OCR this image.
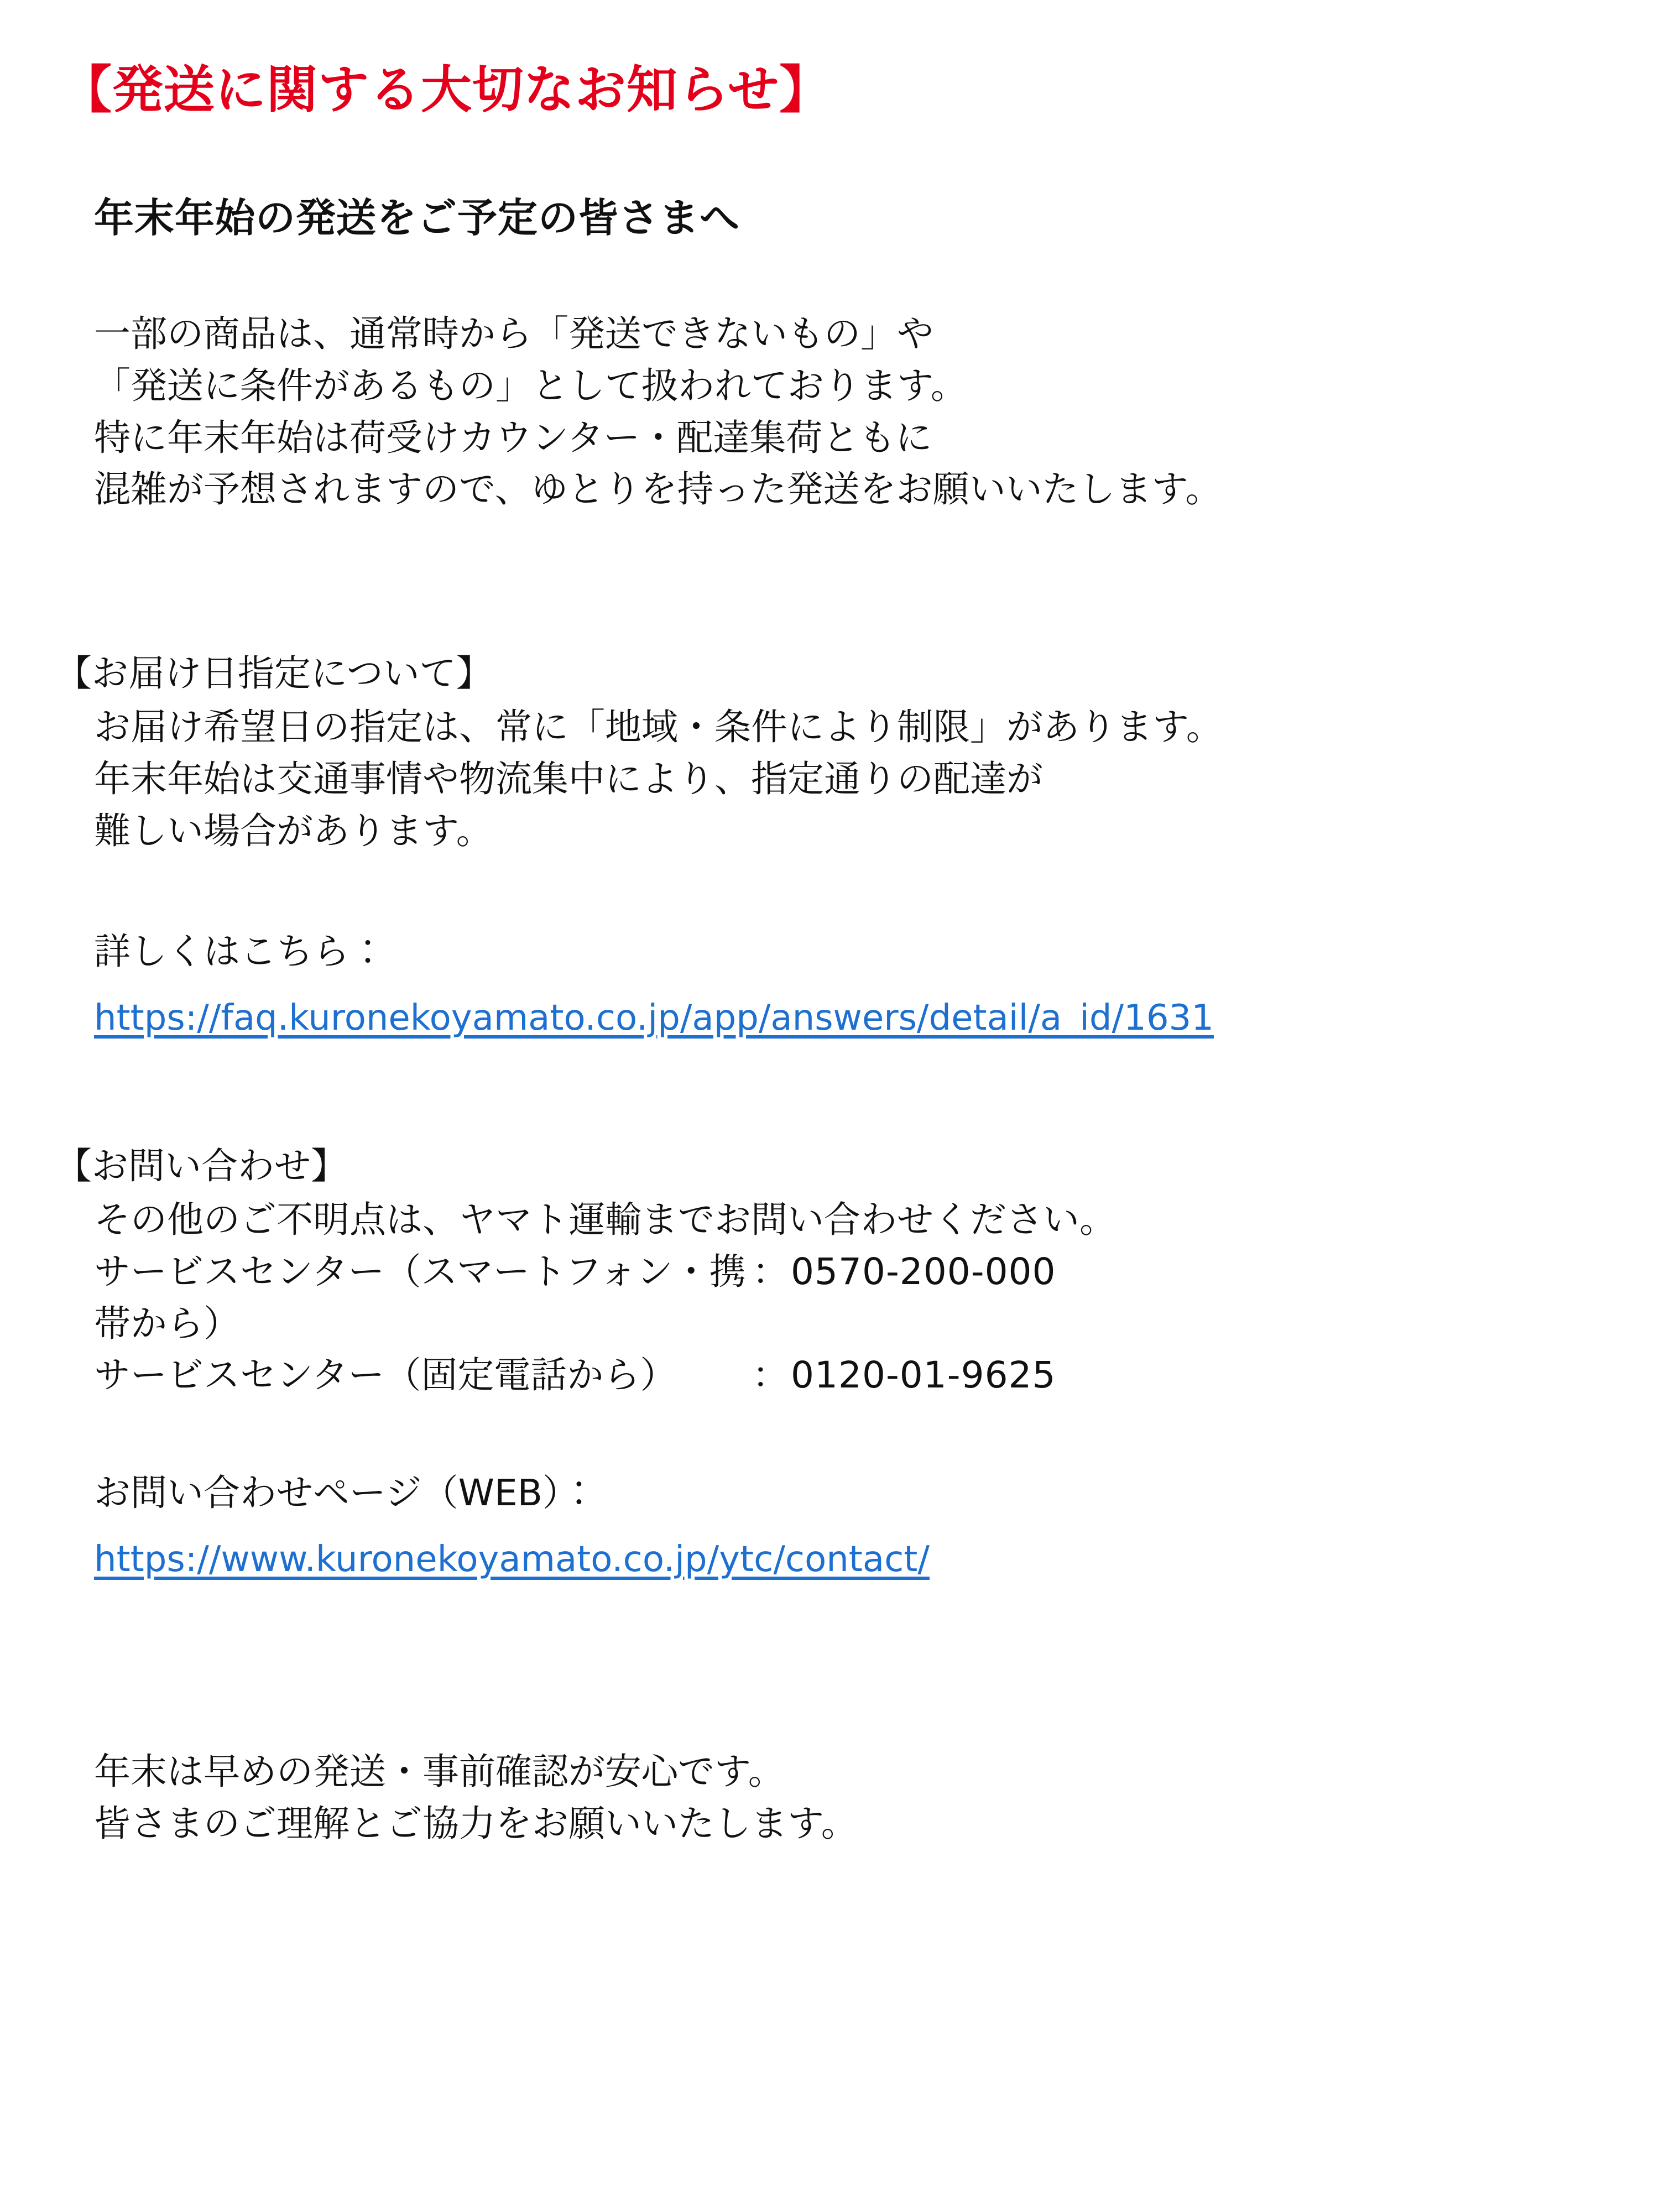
【発送に関する大切なお知らせ】
年末年始の発送をご予定の皆さまへ

一部の商品は、通常時から「発送できないもの」や

「発送に条件があるもの」として扱われております。

特に年末年始は荷受けカウンター・配達集荷ともに

混雑が予想されますので、ゆとりを持った発送をお願いいたします。

【お届け日指定について】

お届け希望日の指定は、常に「地域・条件により制限」があります。

年末年始は交通事情や物流集中により、指定通りの配達が

難しい場合があります。

詳しくはこちら：

https://faq.kuronekoyamato.co.jp/app/answers/detail/a_id/1631

【お問い合わせ】

その他のご不明点は、ヤマト運輸までお問い合わせください。

サービスセンター（スマートフォン・携帯から）
： 0570-200-000
サービスセンター（固定電話から）	： 0120-01-9625

お問い合わせページ（WEB）：

https://www.kuronekoyamato.co.jp/ytc/contact/

年末は早めの発送・事前確認が安心です。

皆さまのご理解とご協力をお願いいたします。
